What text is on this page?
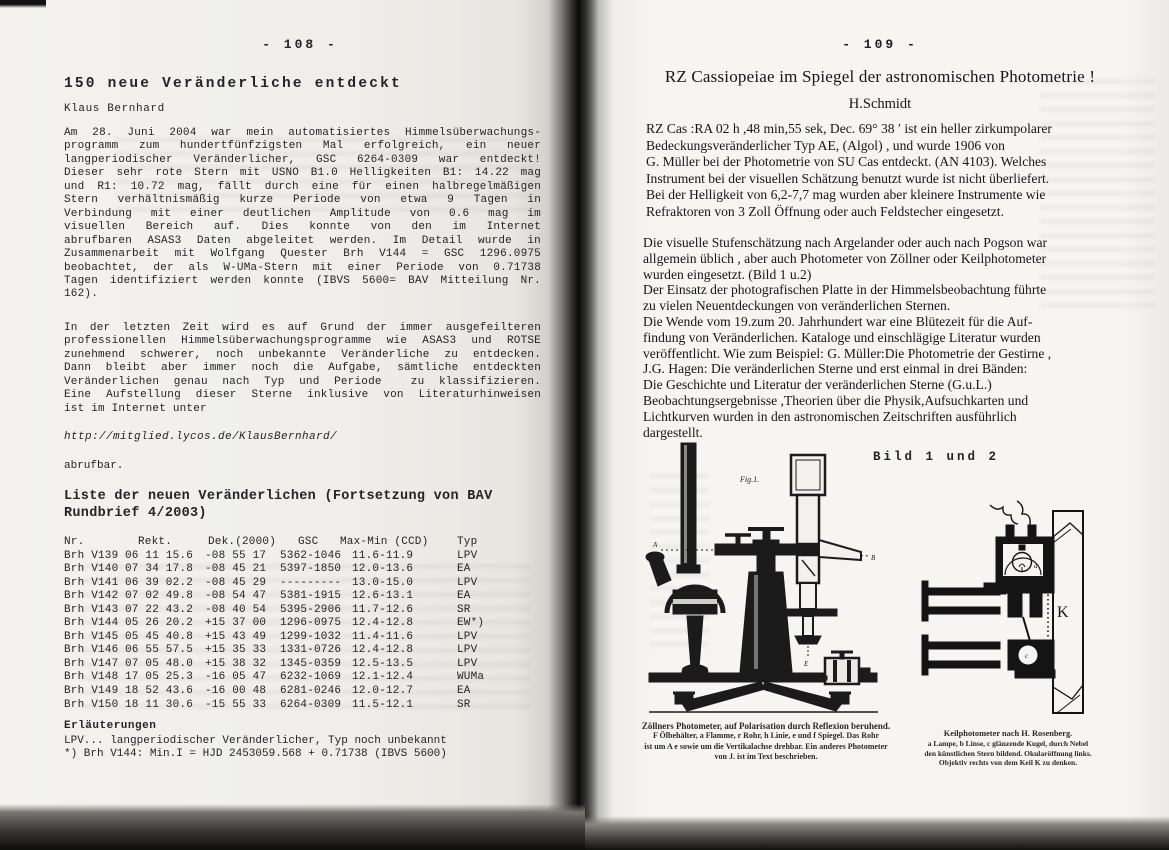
- 108 -
150 neue Veränderliche entdeckt
Klaus Bernhard
Am 28. Juni 2004 war mein automatisiertes Himmelsüberwachungs-
programm zum hundertfünfzigsten Mal erfolgreich, ein neuer
langperiodischer Veränderlicher, GSC 6264-0309 war entdeckt!
Dieser sehr rote Stern mit USNO B1.0 Helligkeiten B1: 14.22 mag
und R1: 10.72 mag, fällt durch eine für einen halbregelmäßigen
Stern verhältnismäßig kurze Periode von etwa 9 Tagen in
Verbindung mit einer deutlichen Amplitude von 0.6 mag im
visuellen Bereich auf. Dies konnte von den im Internet
abrufbaren ASAS3 Daten abgeleitet werden. Im Detail wurde in
Zusammenarbeit mit Wolfgang Quester Brh V144 = GSC 1296.0975
beobachtet, der als W-UMa-Stern mit einer Periode von 0.71738
Tagen identifiziert werden konnte (IBVS 5600= BAV Mitteilung Nr.
162).
In der letzten Zeit wird es auf Grund der immer ausgefeilteren
professionellen Himmelsüberwachungsprogramme wie ASAS3 und ROTSE
zunehmend schwerer, noch unbekannte Veränderliche zu entdecken.
Dann bleibt aber immer noch die Aufgabe, sämtliche entdeckten
Veränderlichen genau nach Typ und Periode  zu klassifizieren.
Eine Aufstellung dieser Sterne inklusive von Literaturhinweisen
ist im Internet unter
http://mitglied.lycos.de/KlausBernhard/
abrufbar.
Liste der neuen Veränderlichen (Fortsetzung von BAV
Rundbrief 4/2003)
Nr.	Rekt.	Dek.(2000)	GSC	Max-Min (CCD)	Typ
Brh V139 06 11 15.6	-08 55 17	5362-1046 11.6-11.9	LPV
Brh V140 07 34 17.8	-08 45 21	5397-1850 12.0-13.6	EA
Brh V141 06 39 02.2	-08 45 29	--------- 13.0-15.0	LPV
Brh V142 07 02 49.8	-08 54 47	5381-1915 12.6-13.1	EA
Brh V143 07 22 43.2	-08 40 54	5395-2906 11.7-12.6	SR
Brh V144 05 26 20.2	+15 37 00	1296-0975 12.4-12.8	EW*)
Brh V145 05 45 40.8	+15 43 49	1299-1032 11.4-11.6	LPV
Brh V146 06 55 57.5	+15 35 33	1331-0726 12.4-12.8	LPV
Brh V147 07 05 48.0	+15 38 32	1345-0359 12.5-13.5	LPV
Brh V148 17 05 25.3	-16 05 47	6232-1069 12.1-12.4	WUMa
Brh V149 18 52 43.6	-16 00 48	6281-0246 12.0-12.7	EA
Brh V150 18 11 30.6	-15 55 33	6264-0309 11.5-12.1	SR
Erläuterungen
LPV... langperiodischer Veränderlicher, Typ noch unbekannt
*) Brh V144: Min.I = HJD 2453059.568 + 0.71738 (IBVS 5600)
- 109 -
RZ Cassiopeiae im Spiegel der astronomischen Photometrie !
H.Schmidt
RZ Cas :RA 02 h ,48 min,55 sek, Dec. 69° 38 ′ ist ein heller zirkumpolarer
Bedeckungsveränderlicher Typ AE, (Algol) , und wurde 1906 von
G. Müller bei der Photometrie von SU Cas entdeckt. (AN 4103). Welches
Instrument bei der visuellen Schätzung benutzt wurde ist nicht überliefert.
Bei der Helligkeit von 6,2-7,7 mag wurden aber kleinere Instrumente wie
Refraktoren von 3 Zoll Öffnung oder auch Feldstecher eingesetzt.
Die visuelle Stufenschätzung nach Argelander oder auch nach Pogson war
allgemein üblich , aber auch Photometer von Zöllner oder Keilphotometer
wurden eingesetzt. (Bild 1 u.2)
Der Einsatz der photografischen Platte in der Himmelsbeobachtung führte
zu vielen Neuentdeckungen von veränderlichen Sternen.
Die Wende vom 19.zum 20. Jahrhundert war eine Blütezeit für die Auf-
findung von Veränderlichen. Kataloge und einschlägige Literatur wurden
veröffentlicht. Wie zum Beispiel: G. Müller:Die Photometrie der Gestirne ,
J.G. Hagen: Die veränderlichen Sterne und erst einmal in drei Bänden:
Die Geschichte und Literatur der veränderlichen Sterne (G.u.L.)
Beobachtungsergebnisse ,Theorien über die Physik,Aufsuchkarten und
Lichtkurven wurden in den astronomischen Zeitschriften ausführlich
dargestellt.
Bild 1 und 2
Fig.1.
A
B
E
K
a
c
Zöllners Photometer, auf Polarisation durch Reflexion beruhend.
F Ölbehälter, a Flamme, r Rohr, h Linie, e und f Spiegel. Das Rohr
ist um A e sowie um die Vertikalachse drehbar. Ein anderes Photometer
von J. ist im Text beschrieben.
Keilphotometer nach H. Rosenberg.
a Lampe, b Linse, c glänzende Kugel, durch Nebel
den künstlichen Stern bildend. Okularöffnung links.
Objektiv rechts von dem Keil K zu denken.
